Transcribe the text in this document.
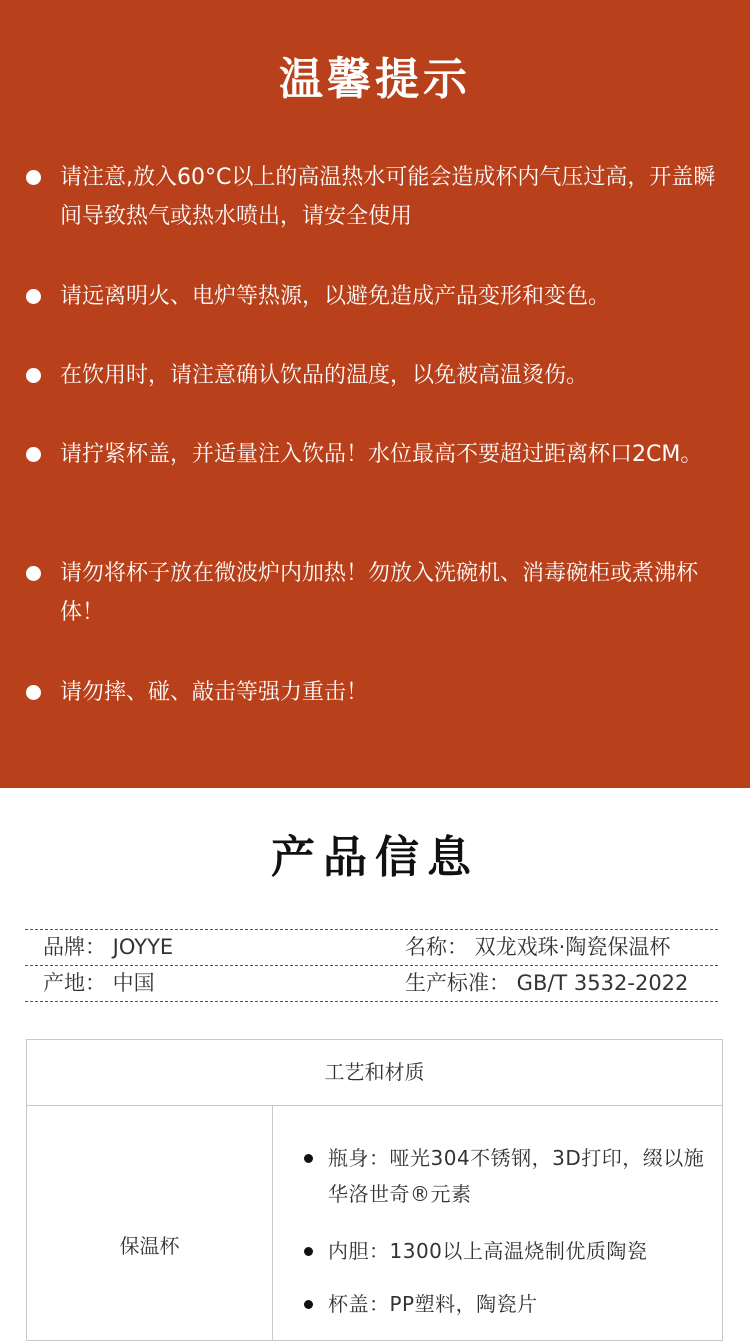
温馨提示
请注意,放入60°C以上的高温热水可能会造成杯内气压过高，开盖瞬间导致热气或热水喷出，请安全使用
请远离明火、电炉等热源，以避免造成产品变形和变色。
在饮用时，请注意确认饮品的温度，以免被高温烫伤。
请拧紧杯盖，并适量注入饮品！水位最高不要超过距离杯口2CM。
请勿将杯子放在微波炉内加热！勿放入洗碗机、消毒碗柜或煮沸杯体！
请勿摔、碰、敲击等强力重击！
产品信息
品牌： JOYYE	名称： 双龙戏珠·陶瓷保温杯
产地： 中国	生产标准： GB/T 3532-2022
工艺和材质
保温杯
瓶身：哑光304不锈钢，3D打印，缀以施华洛世奇®元素
内胆：1300以上高温烧制优质陶瓷
杯盖：PP塑料，陶瓷片
